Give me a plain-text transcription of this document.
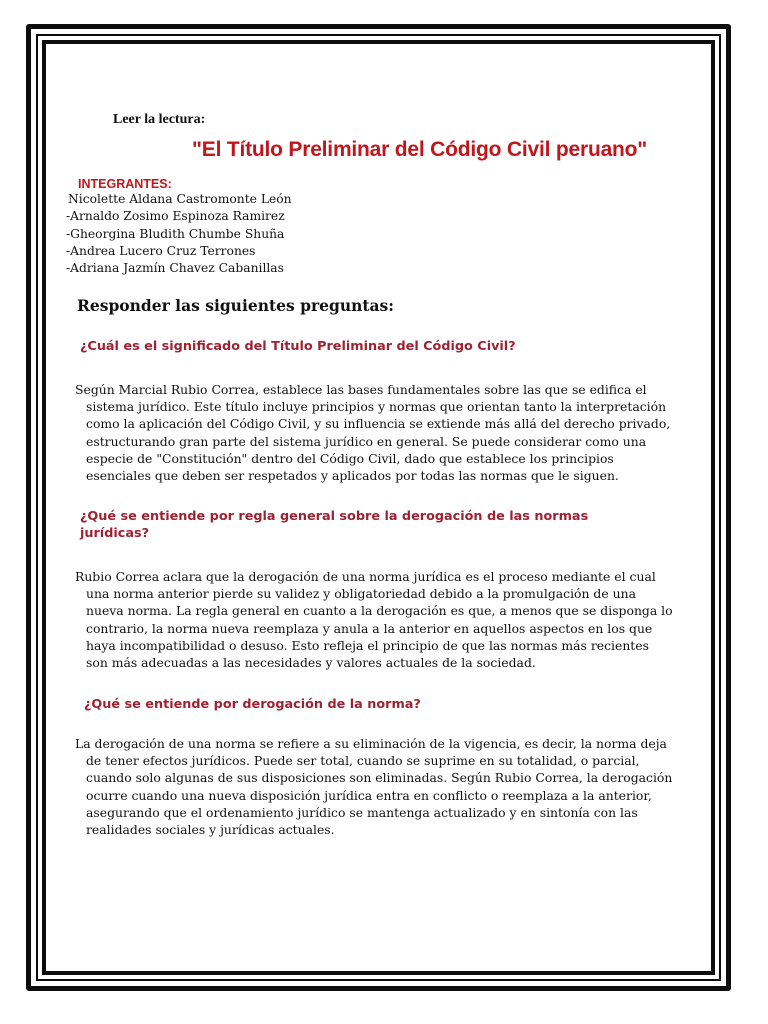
Leer la lectura:
"El Título Preliminar del Código Civil peruano"
INTEGRANTES:
Nicolette Aldana Castromonte León
-Arnaldo Zosimo Espinoza Ramirez
-Gheorgina Bludith Chumbe Shuña
-Andrea Lucero Cruz Terrones
-Adriana Jazmín Chavez Cabanillas
Responder las siguientes preguntas:
¿Cuál es el significado del Título Preliminar del Código Civil?
Según Marcial Rubio Correa, establece las bases fundamentales sobre las que se edifica el
sistema jurídico. Este título incluye principios y normas que orientan tanto la interpretación
como la aplicación del Código Civil, y su influencia se extiende más allá del derecho privado,
estructurando gran parte del sistema jurídico en general. Se puede considerar como una
especie de "Constitución" dentro del Código Civil, dado que establece los principios
esenciales que deben ser respetados y aplicados por todas las normas que le siguen.
¿Qué se entiende por regla general sobre la derogación de las normas
jurídicas?
Rubio Correa aclara que la derogación de una norma jurídica es el proceso mediante el cual
una norma anterior pierde su validez y obligatoriedad debido a la promulgación de una
nueva norma. La regla general en cuanto a la derogación es que, a menos que se disponga lo
contrario, la norma nueva reemplaza y anula a la anterior en aquellos aspectos en los que
haya incompatibilidad o desuso. Esto refleja el principio de que las normas más recientes
son más adecuadas a las necesidades y valores actuales de la sociedad.
¿Qué se entiende por derogación de la norma?
La derogación de una norma se refiere a su eliminación de la vigencia, es decir, la norma deja
de tener efectos jurídicos. Puede ser total, cuando se suprime en su totalidad, o parcial,
cuando solo algunas de sus disposiciones son eliminadas. Según Rubio Correa, la derogación
ocurre cuando una nueva disposición jurídica entra en conflicto o reemplaza a la anterior,
asegurando que el ordenamiento jurídico se mantenga actualizado y en sintonía con las
realidades sociales y jurídicas actuales.
